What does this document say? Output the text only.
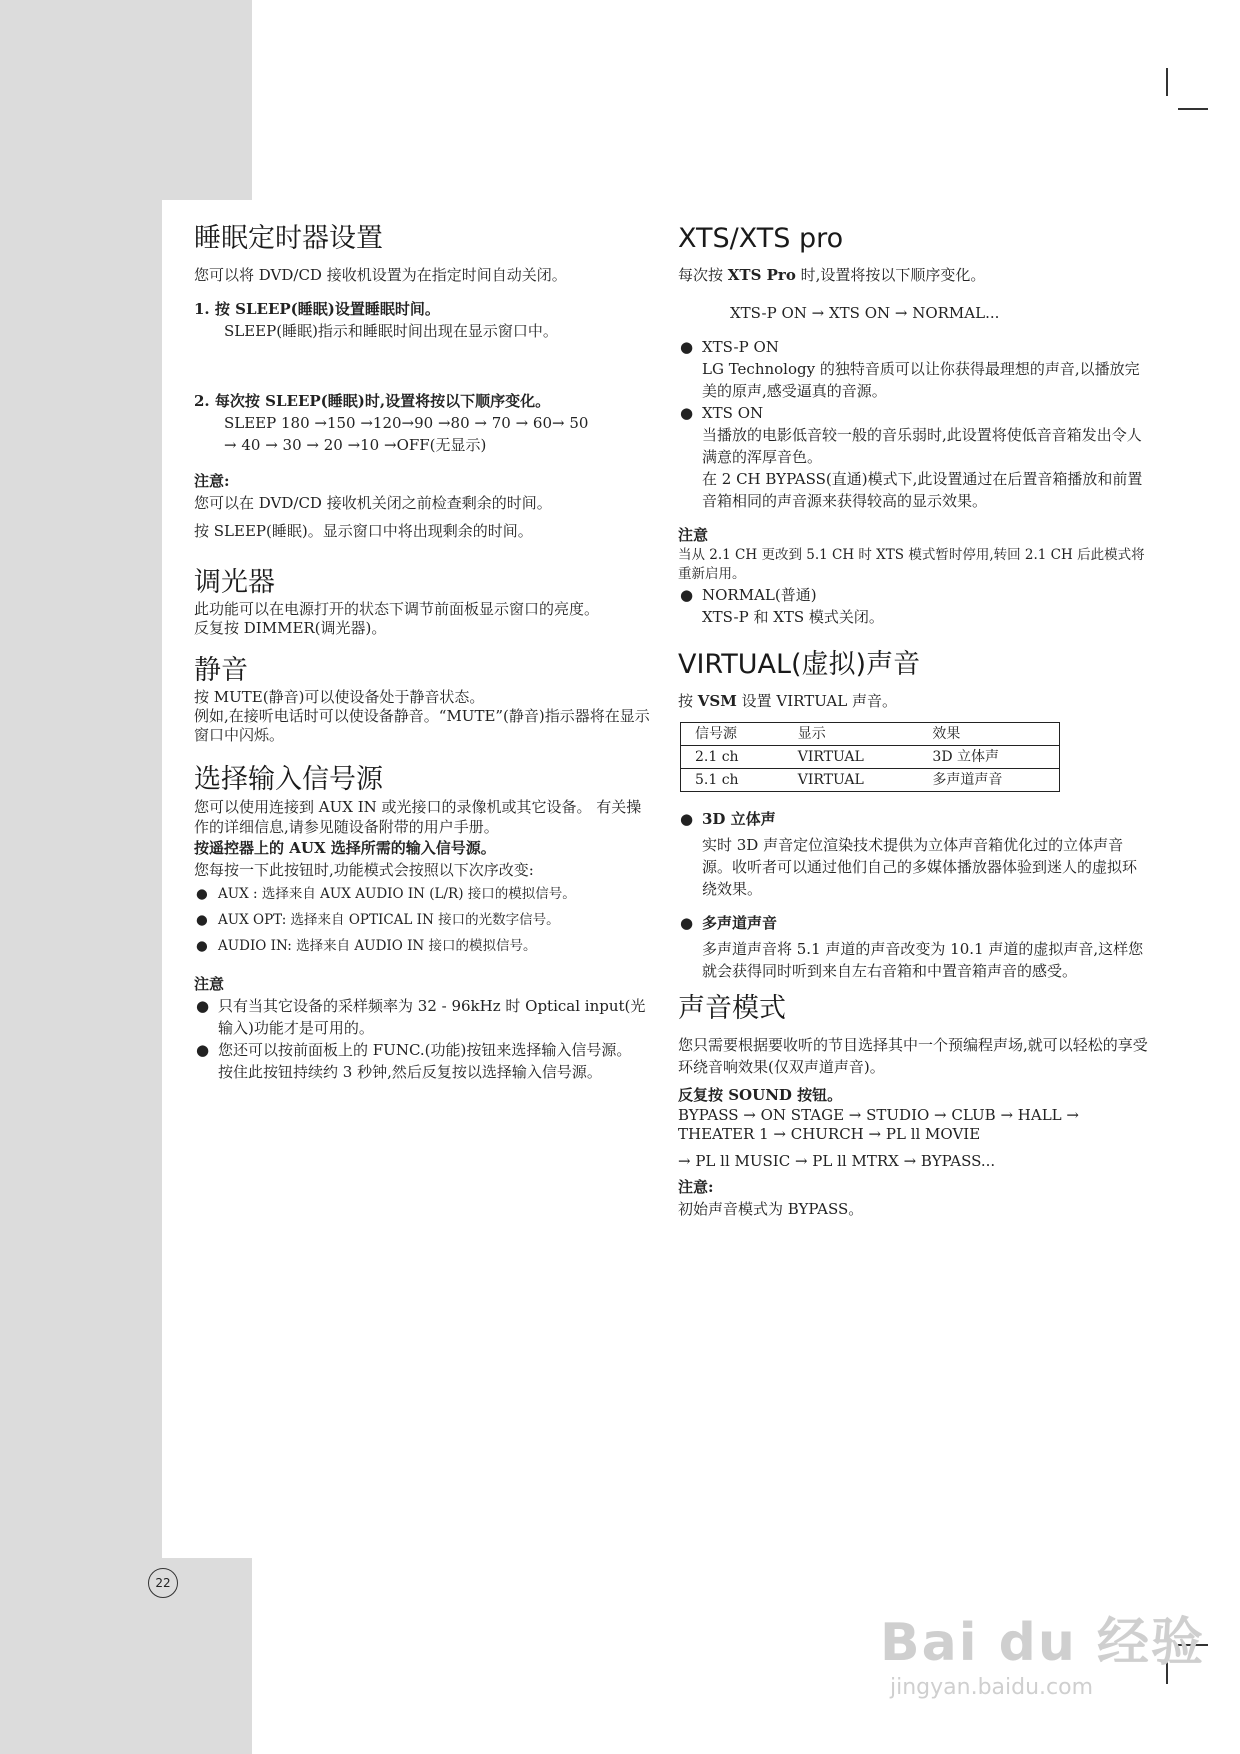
睡眠定时器设置

您可以将 DVD/CD 接收机设置为在指定时间自动关闭。

1. 按 SLEEP(睡眠)设置睡眠时间。

SLEEP(睡眠)指示和睡眠时间出现在显示窗口中。

2. 每次按 SLEEP(睡眠)时,设置将按以下顺序变化。

SLEEP 180 →150 →120→90 →80 → 70 → 60→ 50

→ 40 → 30 → 20 →10 →OFF(无显示)

注意:

您可以在 DVD/CD 接收机关闭之前检查剩余的时间。

按 SLEEP(睡眠)。显示窗口中将出现剩余的时间。

调光器

此功能可以在电源打开的状态下调节前面板显示窗口的亮度。

反复按 DIMMER(调光器)。

静音

按 MUTE(静音)可以使设备处于静音状态。

例如,在接听电话时可以使设备静音。“MUTE”(静音)指示器将在显示窗口中闪烁。

选择输入信号源

您可以使用连接到 AUX IN 或光接口的录像机或其它设备。 有关操作的详细信息,请参见随设备附带的用户手册。

按遥控器上的 AUX 选择所需的输入信号源。

您每按一下此按钮时,功能模式会按照以下次序改变:

● AUX : 选择来自 AUX AUDIO IN (L/R) 接口的模拟信号。
● AUX OPT: 选择来自 OPTICAL IN 接口的光数字信号。
● AUDIO IN: 选择来自 AUDIO IN 接口的模拟信号。

注意

● 只有当其它设备的采样频率为 32 - 96kHz 时 Optical input(光输入)功能才是可用的。
● 您还可以按前面板上的 FUNC.(功能)按钮来选择输入信号源。

按住此按钮持续约 3 秒钟,然后反复按以选择输入信号源。

XTS/XTS pro

每次按 XTS Pro 时,设置将按以下顺序变化。

XTS-P ON → XTS ON → NORMAL...

● XTS-P ON

LG Technology 的独特音质可以让你获得最理想的声音,以播放完美的原声,感受逼真的音源。

● XTS ON

当播放的电影低音较一般的音乐弱时,此设置将使低音音箱发出令人满意的浑厚音色。

在 2 CH BYPASS(直通)模式下,此设置通过在后置音箱播放和前置音箱相同的声音源来获得较高的显示效果。

注意

当从 2.1 CH 更改到 5.1 CH 时 XTS 模式暂时停用,转回 2.1 CH 后此模式将重新启用。

● NORMAL(普通)

XTS-P 和 XTS 模式关闭。

VIRTUAL(虚拟)声音

按 VSM 设置 VIRTUAL 声音。

信号源	显示	效果
2.1 ch	VIRTUAL	3D 立体声
5.1 ch	VIRTUAL	多声道声音
● 3D 立体声

实时 3D 声音定位渲染技术提供为立体声音箱优化过的立体声音源。收听者可以通过他们自己的多媒体播放器体验到迷人的虚拟环绕效果。

● 多声道声音

多声道声音将 5.1 声道的声音改变为 10.1 声道的虚拟声音,这样您就会获得同时听到来自左右音箱和中置音箱声音的感受。

声音模式

您只需要根据要收听的节目选择其中一个预编程声场,就可以轻松的享受环绕音响效果(仅双声道声音)。

反复按 SOUND 按钮。

BYPASS → ON STAGE → STUDIO → CLUB → HALL →

THEATER 1 → CHURCH → PL ll MOVIE

→ PL ll MUSIC → PL ll MTRX → BYPASS...

注意:

初始声音模式为 BYPASS。

22
Bai du 经验
jingyan.baidu.com
